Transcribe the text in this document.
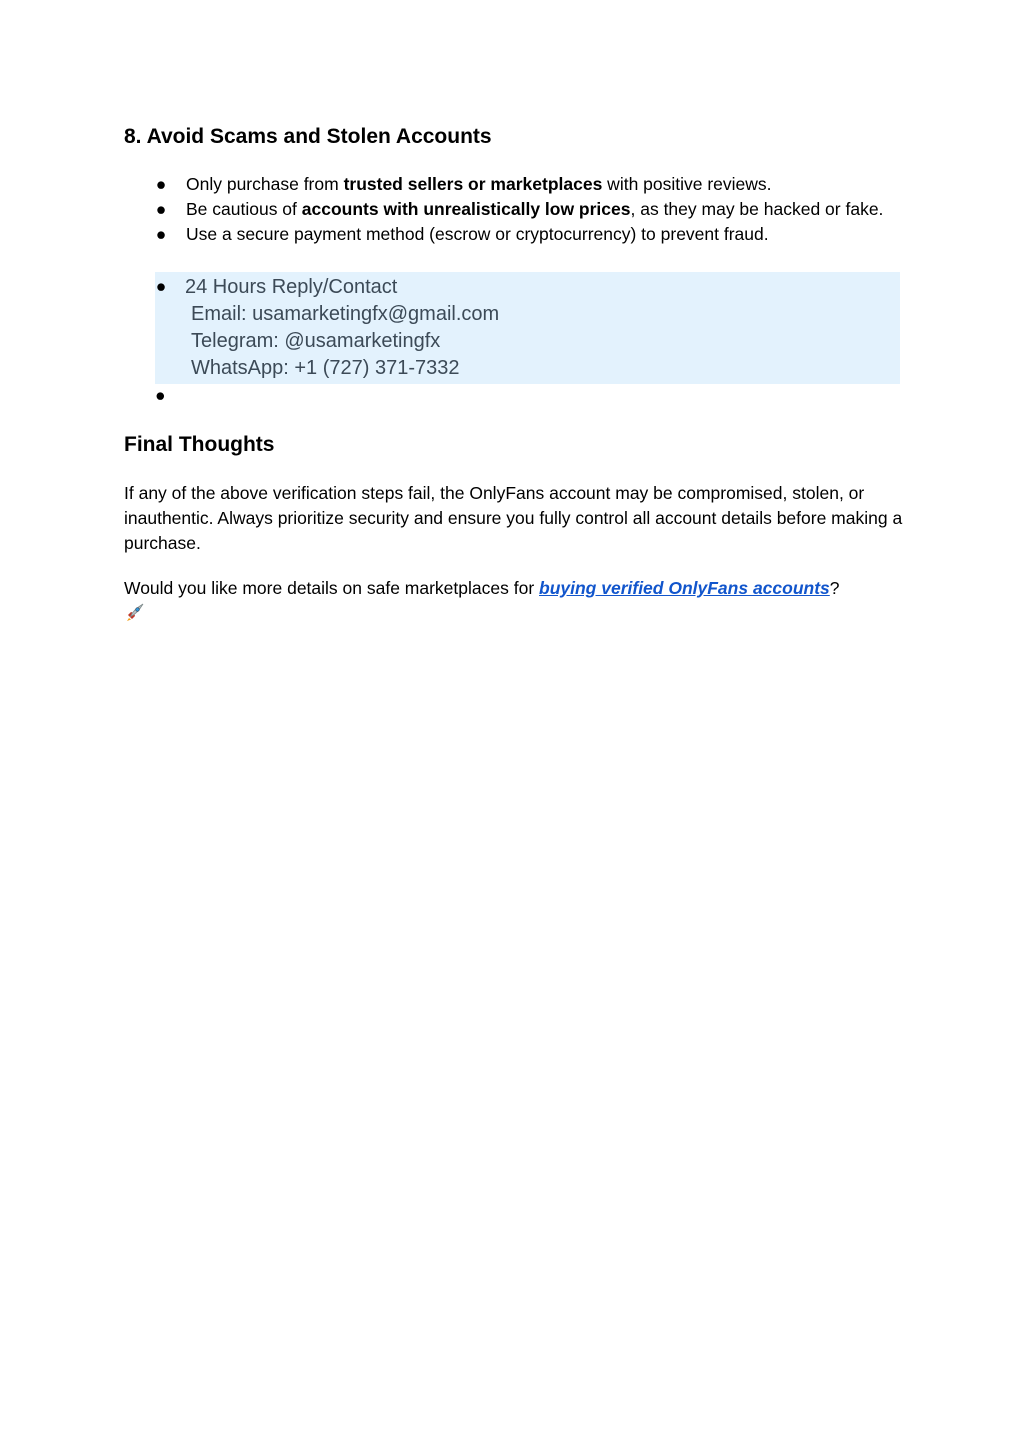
8. Avoid Scams and Stolen Accounts
● Only purchase from trusted sellers or marketplaces with positive reviews.
● Be cautious of accounts with unrealistically low prices, as they may be hacked or fake.
● Use a secure payment method (escrow or cryptocurrency) to prevent fraud.
● 24 Hours Reply/Contact
Email: usamarketingfx@gmail.com
Telegram: @usamarketingfx
WhatsApp: +1 (727) 371-7332
●
Final Thoughts

If any of the above verification steps fail, the OnlyFans account may be compromised, stolen, or inauthentic. Always prioritize security and ensure you fully control all account details before making a purchase.

Would you like more details on safe marketplaces for buying verified OnlyFans accounts?
